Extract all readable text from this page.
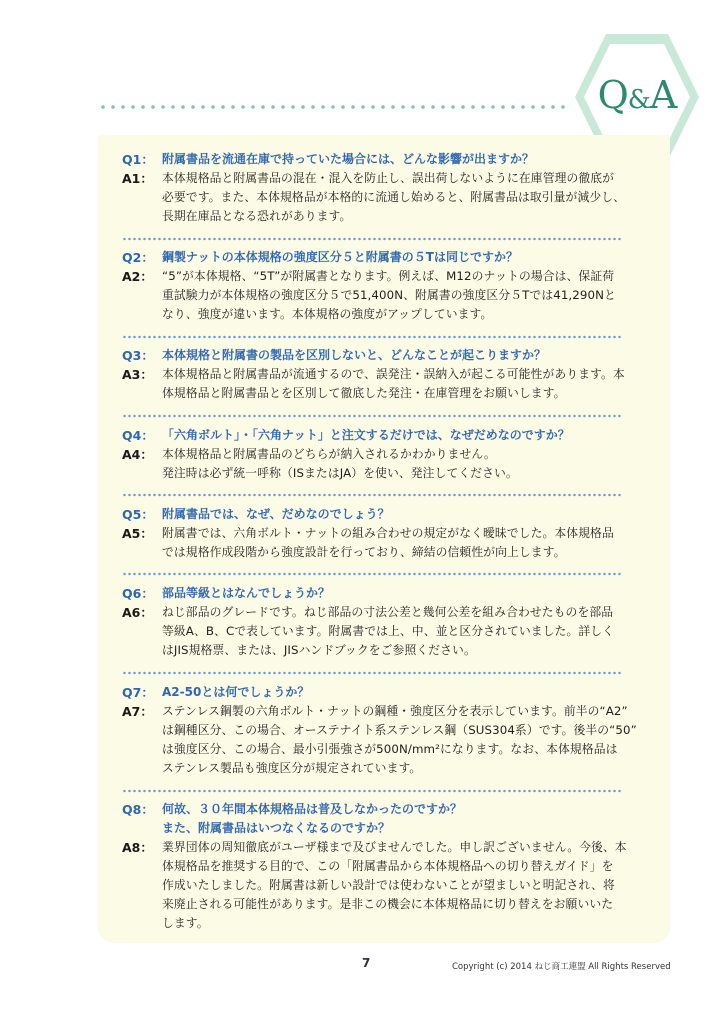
Q&A
Q1： 附属書品を流通在庫で持っていた場合には、どんな影響が出ますか？
A1： 本体規格品と附属書品の混在・混入を防止し、誤出荷しないように在庫管理の徹底が
必要です。また、本体規格品が本格的に流通し始めると、附属書品は取引量が減少し、
長期在庫品となる恐れがあります。
Q2： 鋼製ナットの本体規格の強度区分５と附属書の５Tは同じですか？
A2： “5”が本体規格、“5T”が附属書となります。例えば、M12のナットの場合は、保証荷
重試験力が本体規格の強度区分５で51,400N、附属書の強度区分５Tでは41,290Nと
なり、強度が違います。本体規格の強度がアップしています。
Q3： 本体規格と附属書の製品を区別しないと、どんなことが起こりますか？
A3： 本体規格品と附属書品が流通するので、誤発注・誤納入が起こる可能性があります。本
体規格品と附属書品とを区別して徹底した発注・在庫管理をお願いします。
Q4： 「六角ボルト」・「六角ナット」と注文するだけでは、なぜだめなのですか？
A4： 本体規格品と附属書品のどちらが納入されるかわかりません。
発注時は必ず統一呼称（ISまたはJA）を使い、発注してください。
Q5： 附属書品では、なぜ、だめなのでしょう？
A5： 附属書では、六角ボルト・ナットの組み合わせの規定がなく曖昧でした。本体規格品
では規格作成段階から強度設計を行っており、締結の信頼性が向上します。
Q6： 部品等級とはなんでしょうか？
A6： ねじ部品のグレードです。ねじ部品の寸法公差と幾何公差を組み合わせたものを部品
等級A、B、Cで表しています。附属書では上、中、並と区分されていました。詳しく
はJIS規格票、または、JISハンドブックをご参照ください。
Q7： A2-50とは何でしょうか？
A7： ステンレス鋼製の六角ボルト・ナットの鋼種・強度区分を表示しています。前半の“A2”
は鋼種区分、この場合、オーステナイト系ステンレス鋼（SUS304系）です。後半の“50”
は強度区分、この場合、最小引張強さが500N/mm²になります。なお、本体規格品は
ステンレス製品も強度区分が規定されています。
Q8： 何故、３０年間本体規格品は普及しなかったのですか？
また、附属書品はいつなくなるのですか？
A8： 業界団体の周知徹底がユーザ様まで及びませんでした。申し訳ございません。今後、本
体規格品を推奨する目的で、この「附属書品から本体規格品への切り替えガイド」を
作成いたしました。附属書は新しい設計では使わないことが望ましいと明記され、将
来廃止される可能性があります。是非この機会に本体規格品に切り替えをお願いいた
します。
7	Copyright (c) 2014 ねじ商工連盟 All Rights Reserved
